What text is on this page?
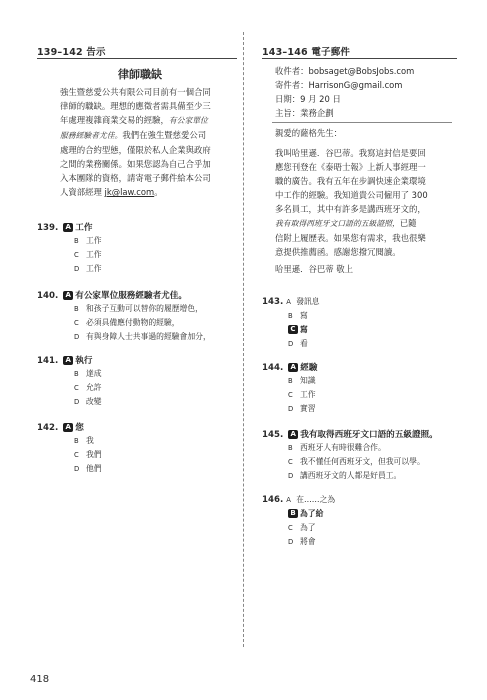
139–142 告示
律師職缺
強生暨慈愛公共有限公司目前有一個合同
律師的職缺。理想的應徵者需具備至少三
年處理複雜商業交易的經驗，有公家單位
服務經驗者尤佳。我們在強生暨慈愛公司
處理的合約型態，僅限於私人企業與政府
之間的業務關係。如果您認為自己合乎加
入本團隊的資格，請寄電子郵件給本公司
人資部經理 jk@law.com。
139. A 工作
B 工作
C 工作
D 工作
140. A 有公家單位服務經驗者尤佳。
B 和孩子互動可以替你的履歷增色，
C 必須具備應付動物的經驗，
D 有與身障人士共事過的經驗會加分，
141. A 執行
B 達成
C 允許
D 改變
142. A 您
B 我
C 我們
D 他們
418
143–146 電子郵件
收件者：bobsaget@BobsJobs.com
寄件者：HarrisonG@gmail.com
日期：9 月 20 日
主旨：業務企劃
親愛的薩格先生：
我叫哈里遜．谷巴蒂。我寫這封信是要回
應您刊登在《泰晤士報》上新人事經理一
職的廣告。我有五年在步調快速企業環境
中工作的經驗。我知道貴公司僱用了 300
多名員工，其中有許多是講西班牙文的，
我有取得西班牙文口語的五級證照，已隨
信附上履歷表。如果您有需求，我也很樂
意提供推薦函。感謝您撥冗閱讀。
哈里遜．谷巴蒂 敬上
143. A 發訊息
B 寫
C 寫
D 看
144. A 經驗
B 知識
C 工作
D 實習
145. A 我有取得西班牙文口語的五級證照。
B 西班牙人有時很難合作。
C 我不懂任何西班牙文，但我可以學。
D 講西班牙文的人都是好員工。
146. A 在……之為
B 為了給
C 為了
D 將會
